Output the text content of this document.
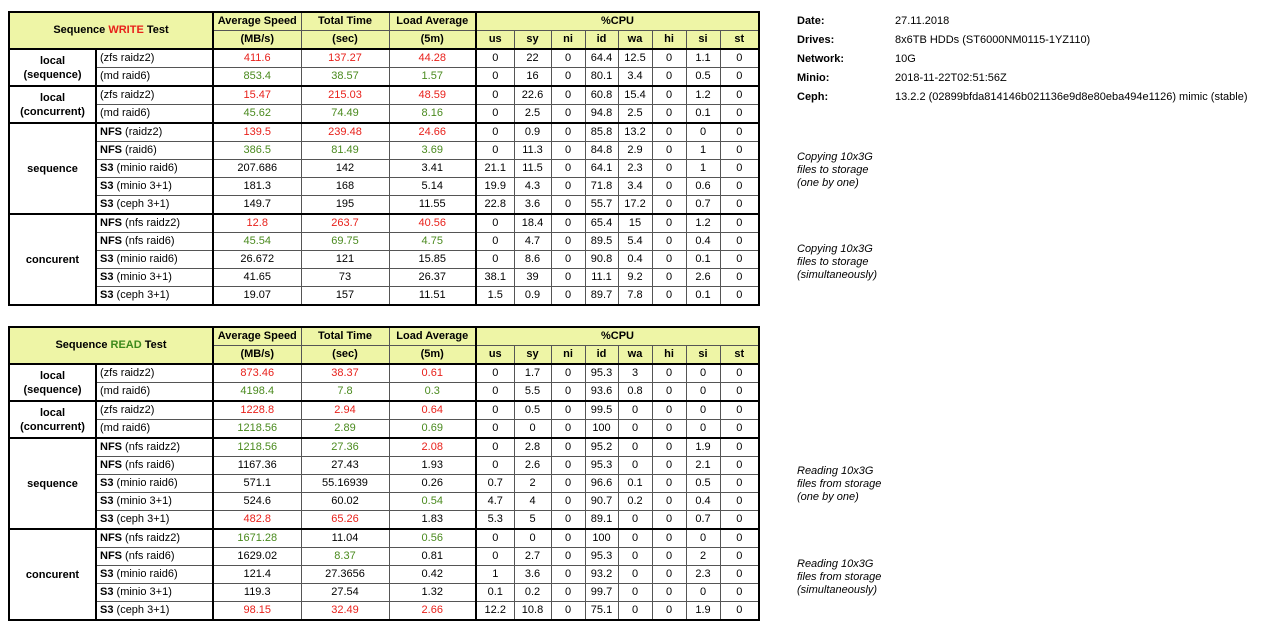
Sequence WRITE Test		Average Speed	Total Time	Load Average	%CPU							
		(MB/s)	(sec)	(5m)	us	sy	ni	id	wa	hi	si	st

local
(sequence)	(zfs raidz2)	411.6	137.27	44.28	0	22	0	64.4	12.5	0	1.1	0
	(md raid6)	853.4	38.57	1.57	0	16	0	80.1	3.4	0	0.5	0

local
(concurrent)	(zfs raidz2)	15.47	215.03	48.59	0	22.6	0	60.8	15.4	0	1.2	0
	(md raid6)	45.62	74.49	8.16	0	2.5	0	94.8	2.5	0	0.1	0

sequence	NFS (raidz2)	139.5	239.48	24.66	0	0.9	0	85.8	13.2	0	0	0
	NFS (raid6)	386.5	81.49	3.69	0	11.3	0	84.8	2.9	0	1	0
	S3 (minio raid6)	207.686	142	3.41	21.1	11.5	0	64.1	2.3	0	1	0
	S3 (minio 3+1)	181.3	168	5.14	19.9	4.3	0	71.8	3.4	0	0.6	0
	S3 (ceph 3+1)	149.7	195	11.55	22.8	3.6	0	55.7	17.2	0	0.7	0

concurent	NFS (nfs raidz2)	12.8	263.7	40.56	0	18.4	0	65.4	15	0	1.2	0
	NFS (nfs raid6)	45.54	69.75	4.75	0	4.7	0	89.5	5.4	0	0.4	0
	S3 (minio raid6)	26.672	121	15.85	0	8.6	0	90.8	0.4	0	0.1	0
	S3 (minio 3+1)	41.65	73	26.37	38.1	39	0	11.1	9.2	0	2.6	0
	S3 (ceph 3+1)	19.07	157	11.51	1.5	0.9	0	89.7	7.8	0	0.1	0
Sequence READ Test		Average Speed	Total Time	Load Average	%CPU							
		(MB/s)	(sec)	(5m)	us	sy	ni	id	wa	hi	si	st

local
(sequence)	(zfs raidz2)	873.46	38.37	0.61	0	1.7	0	95.3	3	0	0	0
	(md raid6)	4198.4	7.8	0.3	0	5.5	0	93.6	0.8	0	0	0

local
(concurrent)	(zfs raidz2)	1228.8	2.94	0.64	0	0.5	0	99.5	0	0	0	0
	(md raid6)	1218.56	2.89	0.69	0	0	0	100	0	0	0	0

sequence	NFS (nfs raidz2)	1218.56	27.36	2.08	0	2.8	0	95.2	0	0	1.9	0
	NFS (nfs raid6)	1167.36	27.43	1.93	0	2.6	0	95.3	0	0	2.1	0
	S3 (minio raid6)	571.1	55.16939	0.26	0.7	2	0	96.6	0.1	0	0.5	0
	S3 (minio 3+1)	524.6	60.02	0.54	4.7	4	0	90.7	0.2	0	0.4	0
	S3 (ceph 3+1)	482.8	65.26	1.83	5.3	5	0	89.1	0	0	0.7	0

concurent	NFS (nfs raidz2)	1671.28	11.04	0.56	0	0	0	100	0	0	0	0
	NFS (nfs raid6)	1629.02	8.37	0.81	0	2.7	0	95.3	0	0	2	0
	S3 (minio raid6)	121.4	27.3656	0.42	1	3.6	0	93.2	0	0	2.3	0
	S3 (minio 3+1)	119.3	27.54	1.32	0.1	0.2	0	99.7	0	0	0	0
	S3 (ceph 3+1)	98.15	32.49	2.66	12.2	10.8	0	75.1	0	0	1.9	0
Date:	27.11.2018
Drives:	8x6TB HDDs (ST6000NM0115-1YZ110)
Network:	10G
Minio:	2018-11-22T02:51:56Z
Ceph:	13.2.2 (02899bfda814146b021136e9d8e80eba494e1126) mimic (stable)
Copying 10x3G
files to storage
(one by one)
Copying 10x3G
files to storage
(simultaneously)
Reading 10x3G
files from storage
(one by one)
Reading 10x3G
files from storage
(simultaneously)
